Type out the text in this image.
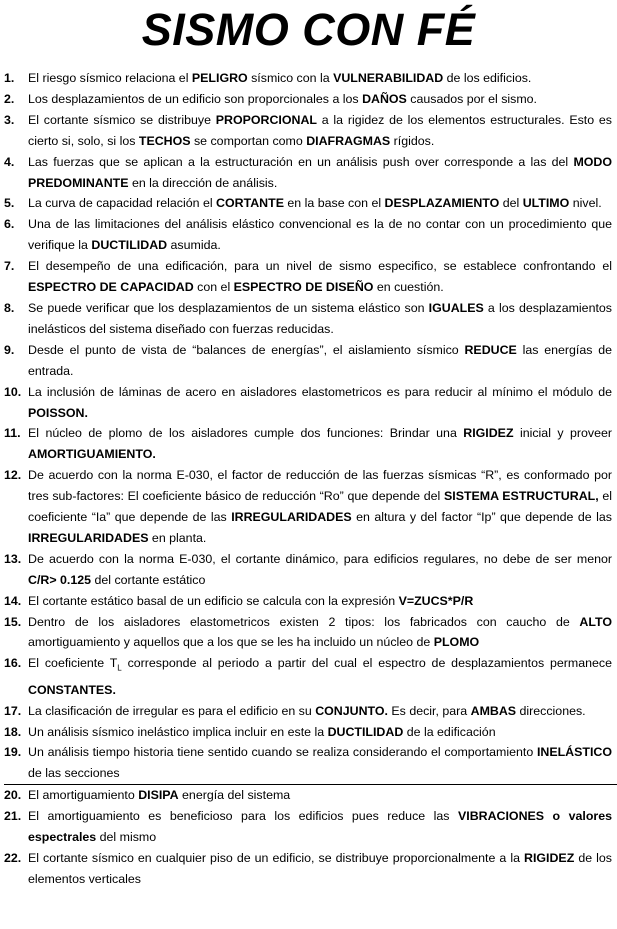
SISMO CON FÉ
1.	El riesgo sísmico relaciona el PELIGRO sísmico con la VULNERABILIDAD de los edificios.
2.	Los desplazamientos de un edificio son proporcionales a los DAÑOS causados por el sismo.
3.	El cortante sísmico se distribuye PROPORCIONAL a la rigidez de los elementos estructurales. Esto es cierto si, solo, si los TECHOS se comportan como DIAFRAGMAS rígidos.
4.	Las fuerzas que se aplican a la estructuración en un análisis push over corresponde a las del MODO PREDOMINANTE en la dirección de análisis.
5.	La curva de capacidad relación el CORTANTE en la base con el DESPLAZAMIENTO del ULTIMO nivel.
6.	Una de las limitaciones del análisis elástico convencional es la de no contar con un procedimiento que verifique la DUCTILIDAD asumida.
7.	El desempeño de una edificación, para un nivel de sismo especifico, se establece confrontando el ESPECTRO DE CAPACIDAD con el ESPECTRO DE DISEÑO en cuestión.
8.	Se puede verificar que los desplazamientos de un sistema elástico son IGUALES a los desplazamientos inelásticos del sistema diseñado con fuerzas reducidas.
9.	Desde el punto de vista de “balances de energías”, el aislamiento sísmico REDUCE las energías de entrada.
10. La inclusión de láminas de acero en aisladores elastometricos es para reducir al mínimo el módulo de POISSON.
11. El núcleo de plomo de los aisladores cumple dos funciones: Brindar una RIGIDEZ inicial y proveer AMORTIGUAMIENTO.
12. De acuerdo con la norma E-030, el factor de reducción de las fuerzas sísmicas “R”, es conformado por tres sub-factores: El coeficiente básico de reducción “Ro” que depende del SISTEMA ESTRUCTURAL, el coeficiente “Ia” que depende de las IRREGULARIDADES en altura y del factor “Ip” que depende de las IRREGULARIDADES en planta.
13. De acuerdo con la norma E-030, el cortante dinámico, para edificios regulares, no debe de ser menor C/R> 0.125 del cortante estático
14. El cortante estático basal de un edificio se calcula con la expresión V=ZUCS*P/R
15. Dentro de los aisladores elastometricos existen 2 tipos: los fabricados con caucho de ALTO amortiguamiento y aquellos que a los que se les ha incluido un núcleo de PLOMO
16. El coeficiente $T_L$ corresponde al periodo a partir del cual el espectro de desplazamientos permanece CONSTANTES.
17. La clasificación de irregular es para el edificio en su CONJUNTO. Es decir, para AMBAS direcciones.
18. Un análisis sísmico inelástico implica incluir en este la DUCTILIDAD de la edificación
19. Un análisis tiempo historia tiene sentido cuando se realiza considerando el comportamiento INELÁSTICO de las secciones
20. El amortiguamiento DISIPA energía del sistema
21. El amortiguamiento es beneficioso para los edificios pues reduce las VIBRACIONES o valores espectrales del mismo
22. El cortante sísmico en cualquier piso de un edificio, se distribuye proporcionalmente a la RIGIDEZ de los elementos verticales
